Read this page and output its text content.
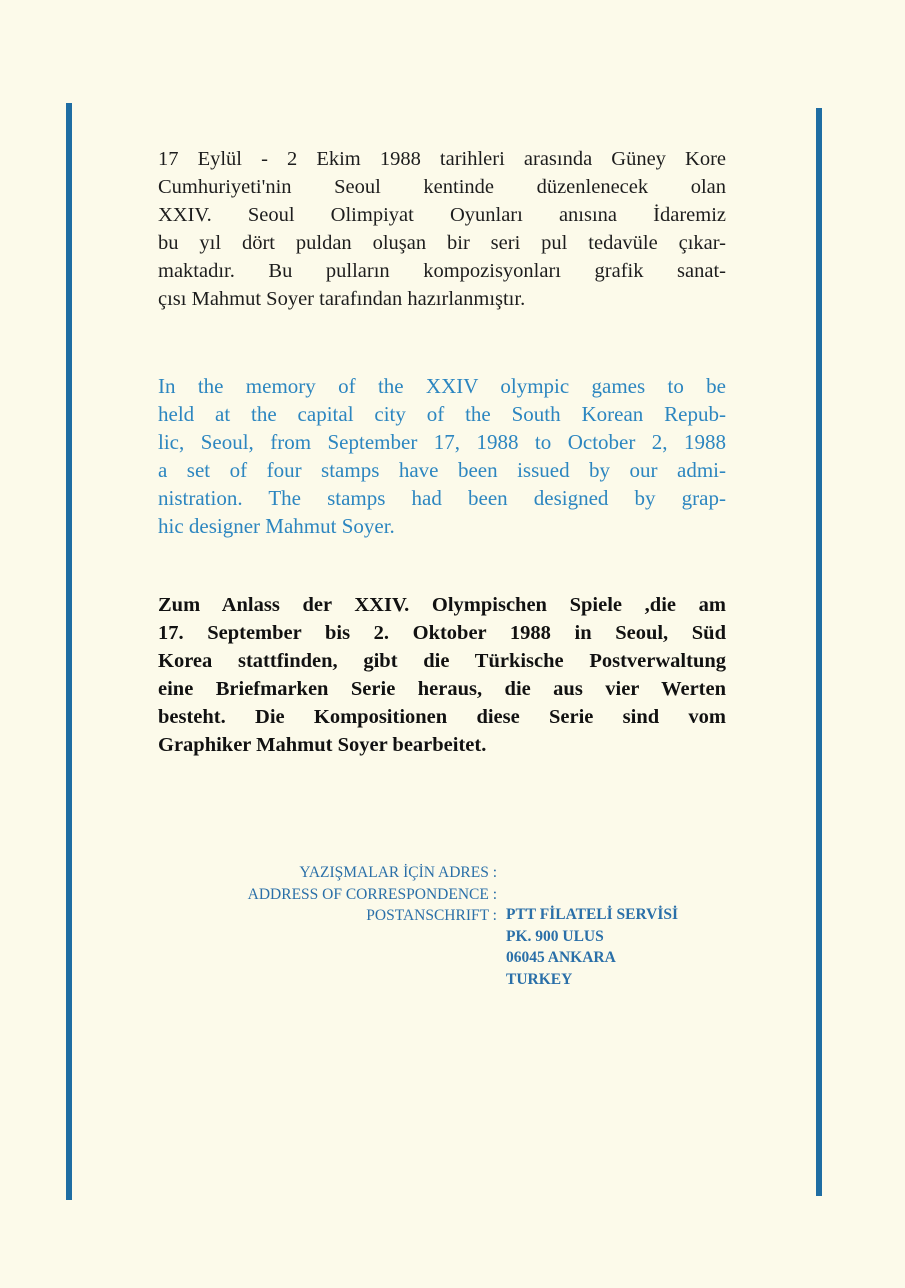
17 Eylül - 2 Ekim 1988 tarihleri arasında Güney Kore
Cumhuriyeti'nin Seoul kentinde düzenlenecek olan
XXIV. Seoul Olimpiyat Oyunları anısına İdaremiz
bu yıl dört puldan oluşan bir seri pul tedavüle çıkar-
maktadır. Bu pulların kompozisyonları grafik sanat-
çısı Mahmut Soyer tarafından hazırlanmıştır.
In the memory of the XXIV olympic games to be
held at the capital city of the South Korean Repub-
lic, Seoul, from September 17, 1988 to October 2, 1988
a set of four stamps have been issued by our admi-
nistration. The stamps had been designed by grap-
hic designer Mahmut Soyer.
Zum Anlass der XXIV. Olympischen Spiele ,die am
17. September bis 2. Oktober 1988 in Seoul, Süd
Korea stattfinden, gibt die Türkische Postverwaltung
eine Briefmarken Serie heraus, die aus vier Werten
besteht. Die Kompositionen diese Serie sind vom
Graphiker Mahmut Soyer bearbeitet.
YAZIŞMALAR İÇİN ADRES :
ADDRESS OF CORRESPONDENCE :
POSTANSCHRIFT : PTT FİLATELİ SERVİSİ
PK. 900 ULUS
06045 ANKARA
TURKEY
